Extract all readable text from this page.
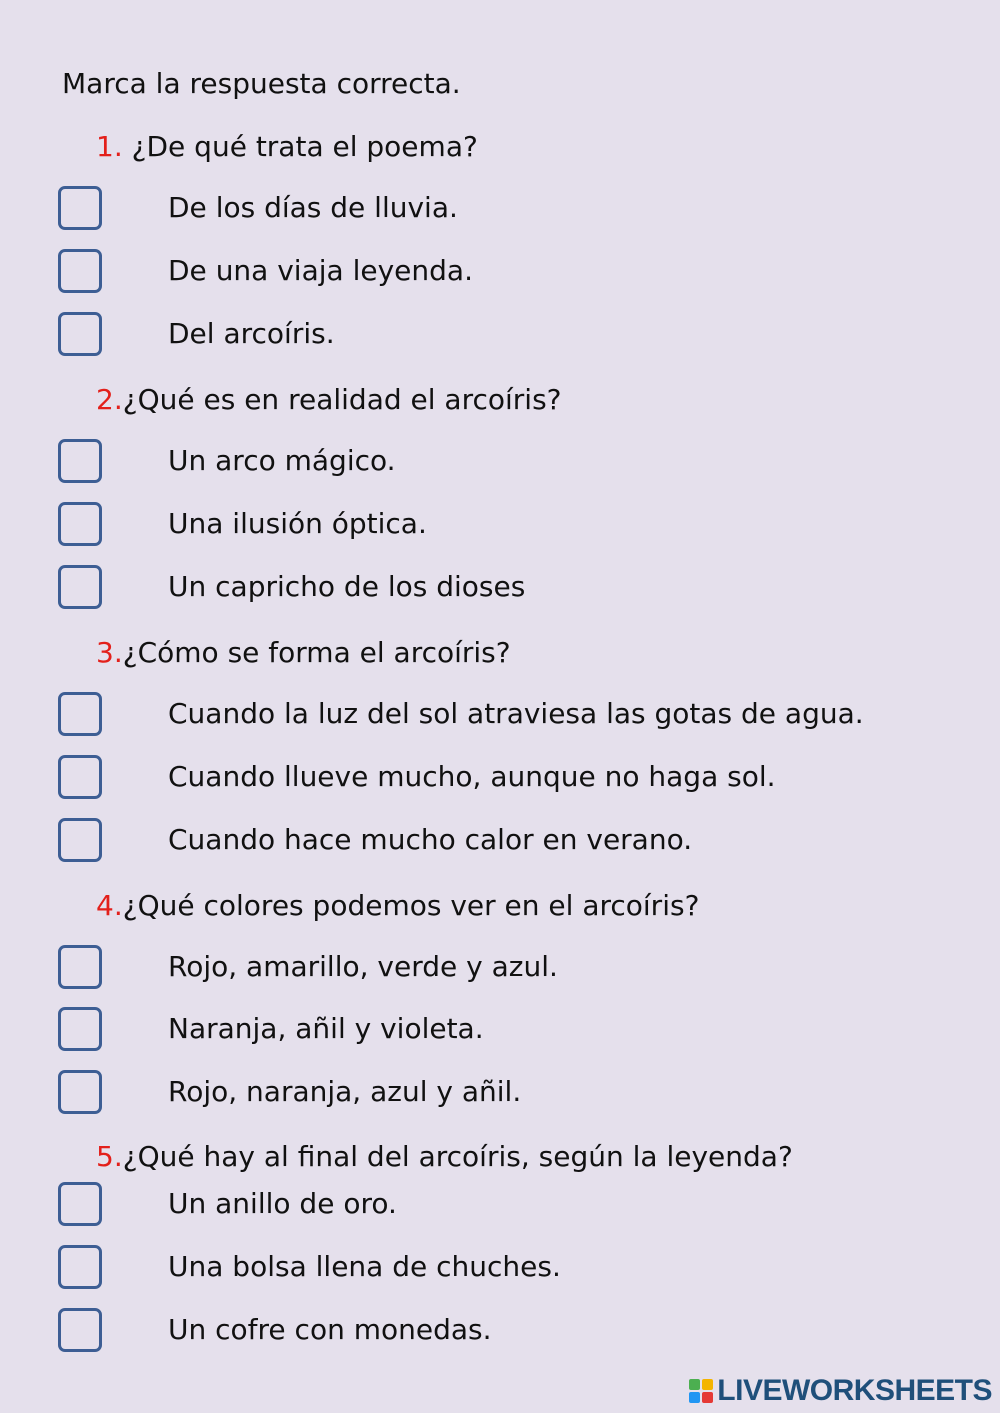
Marca la respuesta correcta.
1. ¿De qué trata el poema?
De los días de lluvia.
De una viaja leyenda.
Del arcoíris.
2.¿Qué es en realidad el arcoíris?
Un arco mágico.
Una ilusión óptica.
Un capricho de los dioses
3.¿Cómo se forma el arcoíris?
Cuando la luz del sol atraviesa las gotas de agua.
Cuando llueve mucho, aunque no haga sol.
Cuando hace mucho calor en verano.
4.¿Qué colores podemos ver en el arcoíris?
Rojo, amarillo, verde y azul.
Naranja, añil y violeta.
Rojo, naranja, azul y añil.
5.¿Qué hay al final del arcoíris, según la leyenda?
Un anillo de oro.
Una bolsa llena de chuches.
Un cofre con monedas.
LIVEWORKSHEETS
